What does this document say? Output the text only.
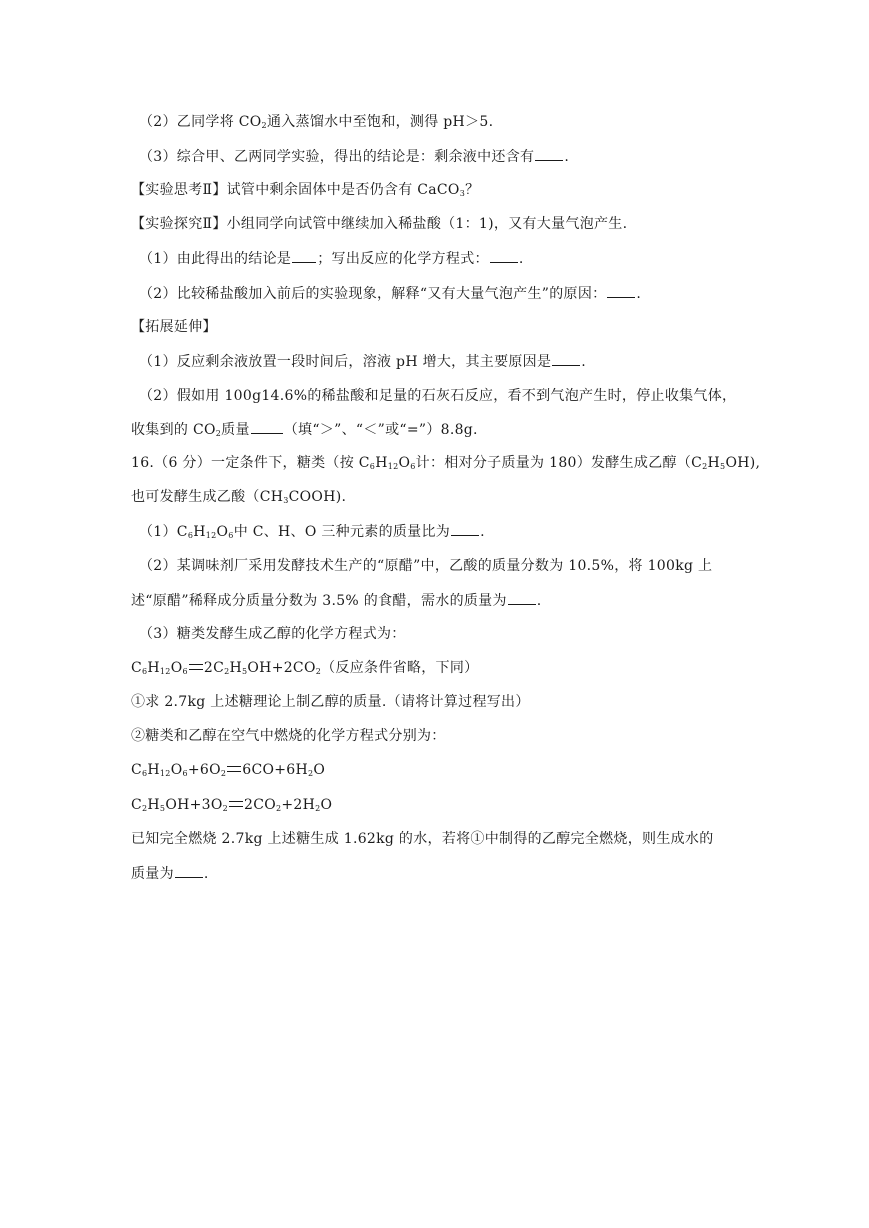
（2）乙同学将 $CO_2$通入蒸馏水中至饱和，测得 pH＞5.
（3）综合甲、乙两同学实验，得出的结论是：剩余液中还含有 .
【实验思考Ⅱ】试管中剩余固体中是否仍含有 CaCO$_3$？
【实验探究Ⅱ】小组同学向试管中继续加入稀盐酸（1：1)，又有大量气泡产生.
（1）由此得出的结论是 ；写出反应的化学方程式： .
（2）比较稀盐酸加入前后的实验现象，解释“又有大量气泡产生”的原因： .
【拓展延伸】
（1）反应剩余液放置一段时间后，溶液 pH 增大，其主要原因是 .
（2）假如用 100g14.6%的稀盐酸和足量的石灰石反应，看不到气泡产生时，停止收集气体，
收集到的 $CO_2$质量 （填“＞”、“＜”或“=”）8.8g.
16.（6 分）一定条件下，糖类（按 $C_6H_{12}O_6$计：相对分子质量为 180）发酵生成乙醇$(C_2H_5OH)$,
也可发酵生成乙酸$(CH_3COOH)$.
$(1)C_6H_{12}O_6$中 C、H、O 三种元素的质量比为 .
（2）某调味剂厂采用发酵技术生产的“原醋”中，乙酸的质量分数为 10.5%，将 100kg 上
述“原醋”稀释成分质量分数为 3.5% 的食醋，需水的质量为 .
（3）糖类发酵生成乙醇的化学方程式为：
$C_6H_{12}O_6$ $2C_2H_5OH+2CO_2$（反应条件省略，下同）
①求 2.7kg 上述糖理论上制乙醇的质量.（请将计算过程写出）
②糖类和乙醇在空气中燃烧的化学方程式分别为：
$C_6H_{12}O_6+6O_2$ $6CO+6H_2O$
$C_2H_5OH+3O_2$ $2CO_2+2H_2O$
已知完全燃烧 2.7kg 上述糖生成 1.62kg 的水，若将①中制得的乙醇完全燃烧，则生成水的
质量为 .
